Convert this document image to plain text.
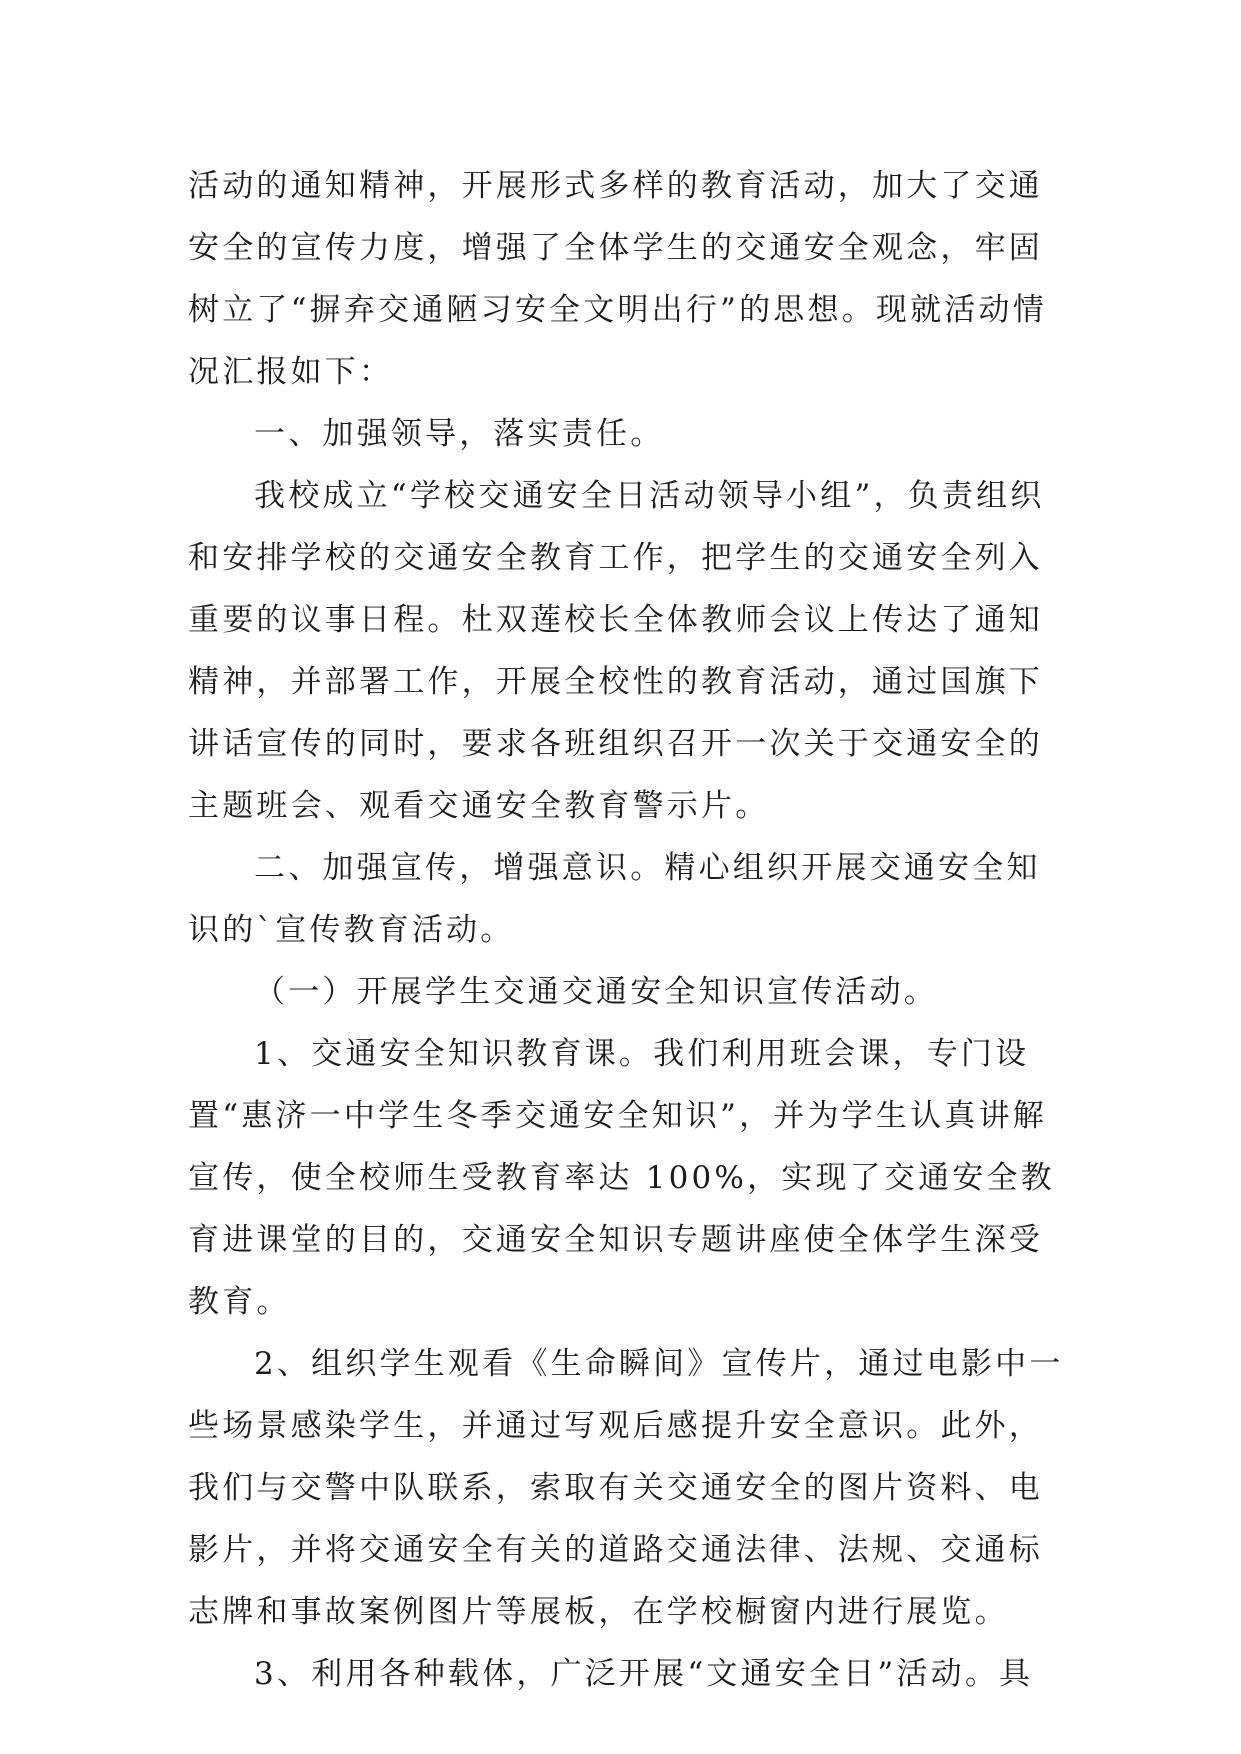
活动的通知精神，开展形式多样的教育活动，加大了交通安全的宣传力度，增强了全体学生的交通安全观念，牢固树立了“摒弃交通陋习安全文明出行”的思想。现就活动情况汇报如下：

一、加强领导，落实责任。

我校成立“学校交通安全日活动领导小组”，负责组织和安排学校的交通安全教育工作，把学生的交通安全列入重要的议事日程。杜双莲校长全体教师会议上传达了通知精神，并部署工作，开展全校性的教育活动，通过国旗下讲话宣传的同时，要求各班组织召开一次关于交通安全的主题班会、观看交通安全教育警示片。

二、加强宣传，增强意识。精心组织开展交通安全知识的`宣传教育活动。

（一）开展学生交通交通安全知识宣传活动。

1、交通安全知识教育课。我们利用班会课，专门设置“惠济一中学生冬季交通安全知识”，并为学生认真讲解宣传，使全校师生受教育率达 100%，实现了交通安全教育进课堂的目的，交通安全知识专题讲座使全体学生深受教育。

2、组织学生观看《生命瞬间》宣传片，通过电影中一些场景感染学生，并通过写观后感提升安全意识。此外，我们与交警中队联系，索取有关交通安全的图片资料、电影片，并将交通安全有关的道路交通法律、法规、交通标志牌和事故案例图片等展板，在学校橱窗内进行展览。

3、利用各种载体，广泛开展“文通安全日”活动。具
